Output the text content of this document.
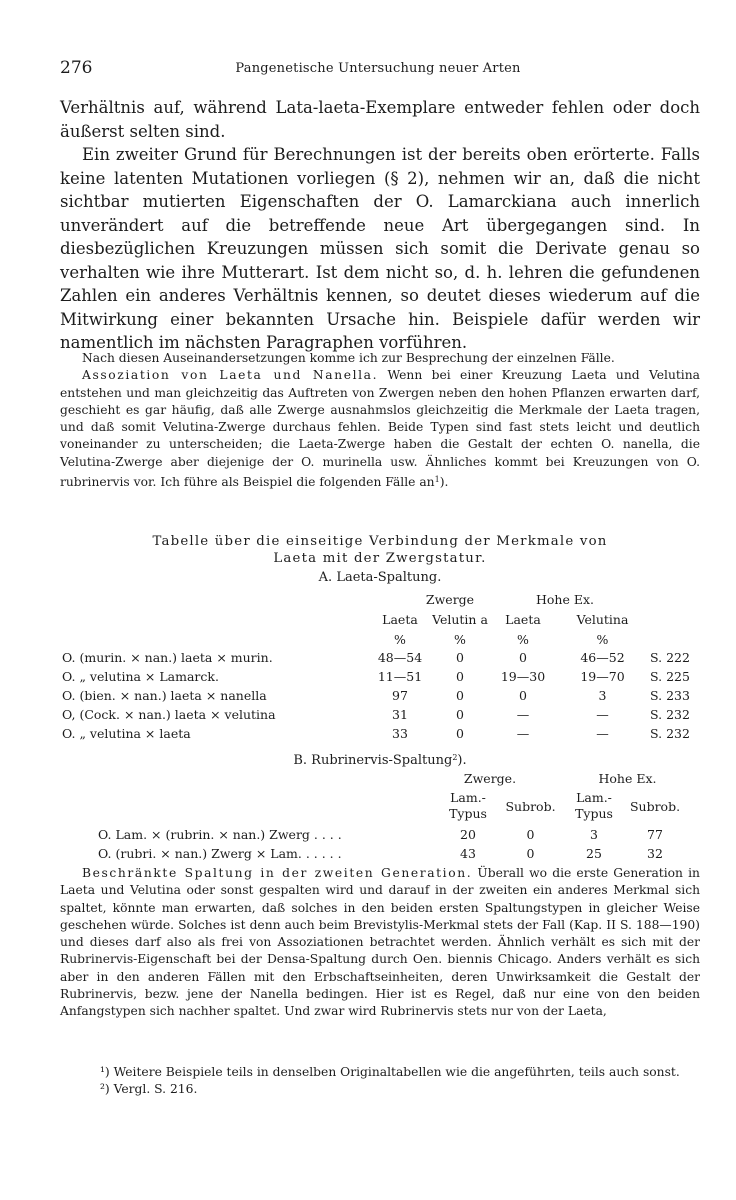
276	Pangenetische Untersuchung neuer Arten

Verhältnis auf, während Lata-laeta-Exemplare entweder fehlen oder doch äußerst selten sind.

Ein zweiter Grund für Berechnungen ist der bereits oben erörterte. Falls keine latenten Mutationen vorliegen (§ 2), nehmen wir an, daß die nicht sichtbar mutierten Eigenschaften der O. Lamarckiana auch innerlich unverändert auf die betreffende neue Art übergegangen sind. In diesbezüglichen Kreuzungen müssen sich somit die Derivate genau so verhalten wie ihre Mutterart. Ist dem nicht so, d. h. lehren die gefundenen Zahlen ein anderes Verhältnis kennen, so deutet dieses wiederum auf die Mitwirkung einer bekannten Ursache hin. Beispiele dafür werden wir namentlich im nächsten Paragraphen vorführen.

Nach diesen Auseinandersetzungen komme ich zur Besprechung der einzelnen Fälle.

Assoziation von Laeta und Nanella. Wenn bei einer Kreuzung Laeta und Velutina entstehen und man gleichzeitig das Auftreten von Zwergen neben den hohen Pflanzen erwarten darf, geschieht es gar häufig, daß alle Zwerge ausnahmslos gleichzeitig die Merkmale der Laeta tragen, und daß somit Velutina-Zwerge durchaus fehlen. Beide Typen sind fast stets leicht und deutlich voneinander zu unterscheiden; die Laeta-Zwerge haben die Gestalt der echten O. nanella, die Velutina-Zwerge aber diejenige der O. murinella usw. Ähnliches kommt bei Kreuzungen von O. rubrinervis vor. Ich führe als Beispiel die folgenden Fälle $an^1$).

Tabelle über die einseitige Verbindung der Merkmale von
Laeta mit der Zwergstatur.
A. Laeta-Spaltung.
Zwerge	Hohe Ex.
Laeta	Velutin a	Laeta	Velutina
%	%	%	%
O. (murin. × nan.) laeta × murin.	48—54	0	0	46—52	S. 222
O. „ velutina × Lamarck.	11—51	0	19—30	19—70	S. 225
O. (bien. × nan.) laeta × nanella	97	0	0	3	S. 233
O, (Cock. × nan.) laeta × velutina	31	0	—	—	S. 232
O. „ velutina × laeta	33	0	—	—	S. 232
B. Rubrinervis-Spaltung$^2$).
Zwerge.	Hohe Ex.
Lam.-
Typus	Subrob.
Lam.-
Typus	Subrob.
O. Lam. × (rubrin. × nan.) Zwerg . . . .	20	0	3	77
O. (rubri. × nan.) Zwerg × Lam. . . . . .	43	0	25	32

Beschränkte Spaltung in der zweiten Generation. Überall wo die erste Generation in Laeta und Velutina oder sonst gespalten wird und darauf in der zweiten ein anderes Merkmal sich spaltet, könnte man erwarten, daß solches in den beiden ersten Spaltungstypen in gleicher Weise geschehen würde. Solches ist denn auch beim Brevistylis-Merkmal stets der Fall (Kap. II S. 188—190) und dieses darf also als frei von Assoziationen betrachtet werden. Ähnlich verhält es sich mit der Rubrinervis-Eigenschaft bei der Densa-Spaltung durch Oen. biennis Chicago. Anders verhält es sich aber in den anderen Fällen mit den Erbschaftseinheiten, deren Unwirksamkeit die Gestalt der Rubrinervis, bezw. jene der Nanella bedingen. Hier ist es Regel, daß nur eine von den beiden Anfangstypen sich nachher spaltet. Und zwar wird Rubrinervis stets nur von der Laeta,

¹) Weitere Beispiele teils in denselben Originaltabellen wie die angeführten, teils auch sonst.

²) Vergl. S. 216.
